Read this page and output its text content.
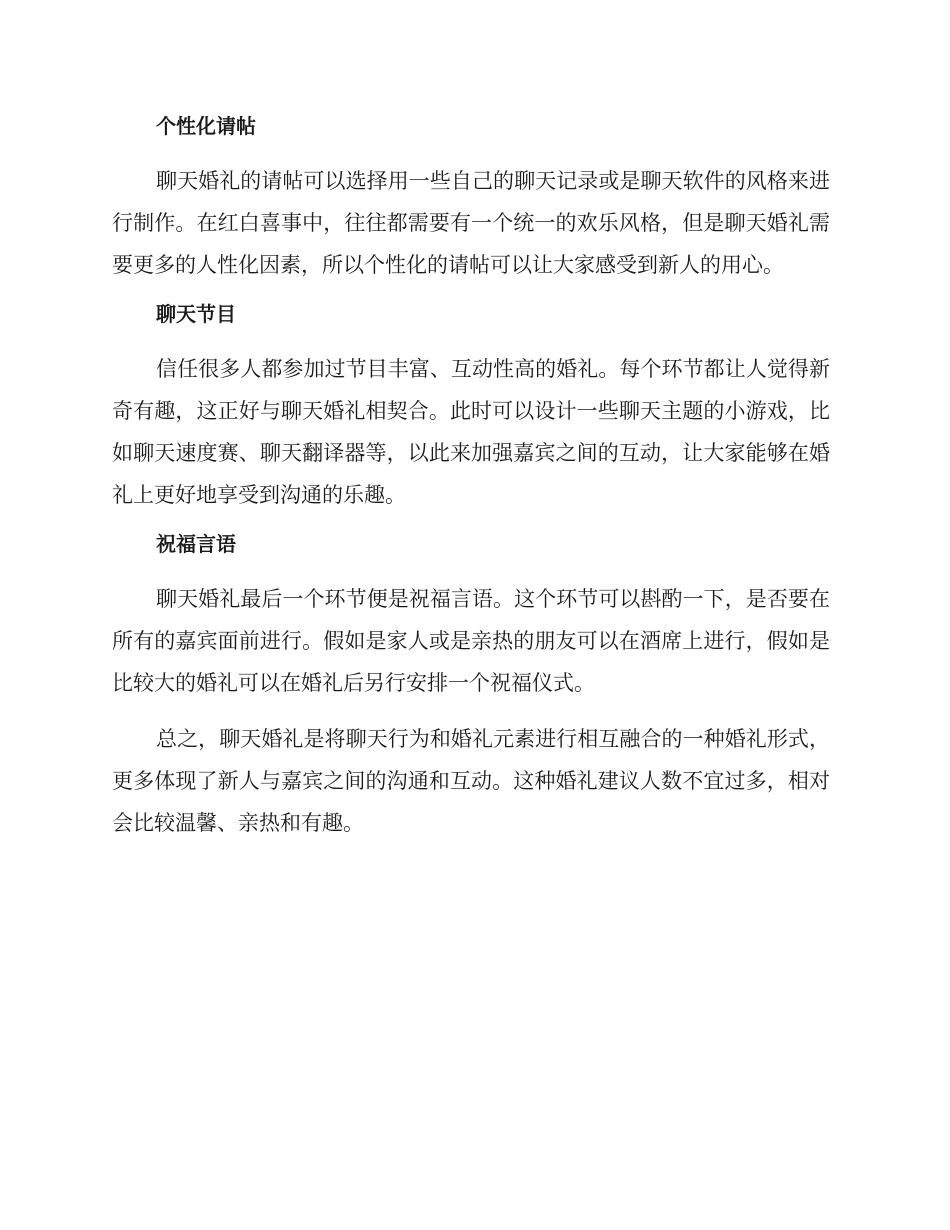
个性化请帖

聊天婚礼的请帖可以选择用一些自己的聊天记录或是聊天软件的风格来进行制作。在红白喜事中，往往都需要有一个统一的欢乐风格，但是聊天婚礼需要更多的人性化因素，所以个性化的请帖可以让大家感受到新人的用心。

聊天节目

信任很多人都参加过节目丰富、互动性高的婚礼。每个环节都让人觉得新奇有趣，这正好与聊天婚礼相契合。此时可以设计一些聊天主题的小游戏，比如聊天速度赛、聊天翻译器等，以此来加强嘉宾之间的互动，让大家能够在婚礼上更好地享受到沟通的乐趣。

祝福言语

聊天婚礼最后一个环节便是祝福言语。这个环节可以斟酌一下，是否要在所有的嘉宾面前进行。假如是家人或是亲热的朋友可以在酒席上进行，假如是比较大的婚礼可以在婚礼后另行安排一个祝福仪式。

总之，聊天婚礼是将聊天行为和婚礼元素进行相互融合的一种婚礼形式，更多体现了新人与嘉宾之间的沟通和互动。这种婚礼建议人数不宜过多，相对会比较温馨、亲热和有趣。
